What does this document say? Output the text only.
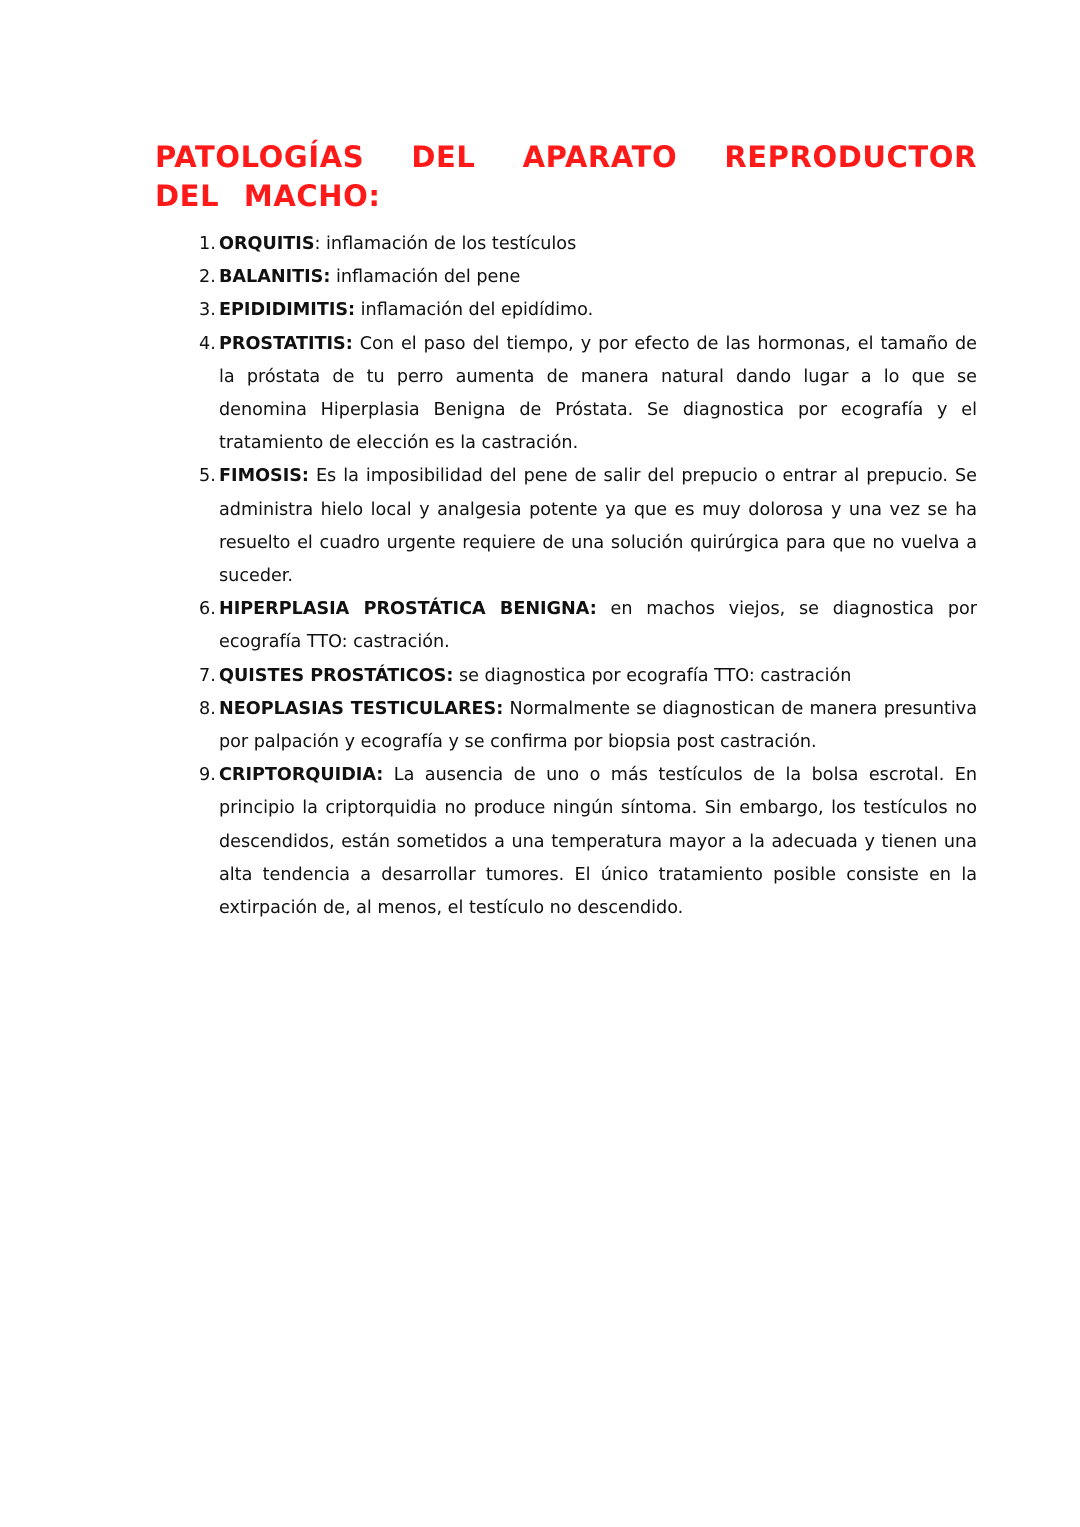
PATOLOGÍAS DEL APARATO REPRODUCTOR DEL MACHO:
1. ORQUITIS: inflamación de los testículos
2. BALANITIS: inflamación del pene
3. EPIDIDIMITIS: inflamación del epidídimo.
4. PROSTATITIS: Con el paso del tiempo, y por efecto de las hormonas, el tamaño de la próstata de tu perro aumenta de manera natural dando lugar a lo que se denomina Hiperplasia Benigna de Próstata. Se diagnostica por ecografía y el tratamiento de elección es la castración.
5. FIMOSIS: Es la imposibilidad del pene de salir del prepucio o entrar al prepucio. Se administra hielo local y analgesia potente ya que es muy dolorosa y una vez se ha resuelto el cuadro urgente requiere de una solución quirúrgica para que no vuelva a suceder.
6. HIPERPLASIA PROSTÁTICA BENIGNA: en machos viejos, se diagnostica por ecografía TTO: castración.
7. QUISTES PROSTÁTICOS: se diagnostica por ecografía TTO: castración
8. NEOPLASIAS TESTICULARES: Normalmente se diagnostican de manera presuntiva por palpación y ecografía y se confirma por biopsia post castración.
9. CRIPTORQUIDIA: La ausencia de uno o más testículos de la bolsa escrotal. En principio la criptorquidia no produce ningún síntoma. Sin embargo, los testículos no descendidos, están sometidos a una temperatura mayor a la adecuada y tienen una alta tendencia a desarrollar tumores. El único tratamiento posible consiste en la extirpación de, al menos, el testículo no descendido.
